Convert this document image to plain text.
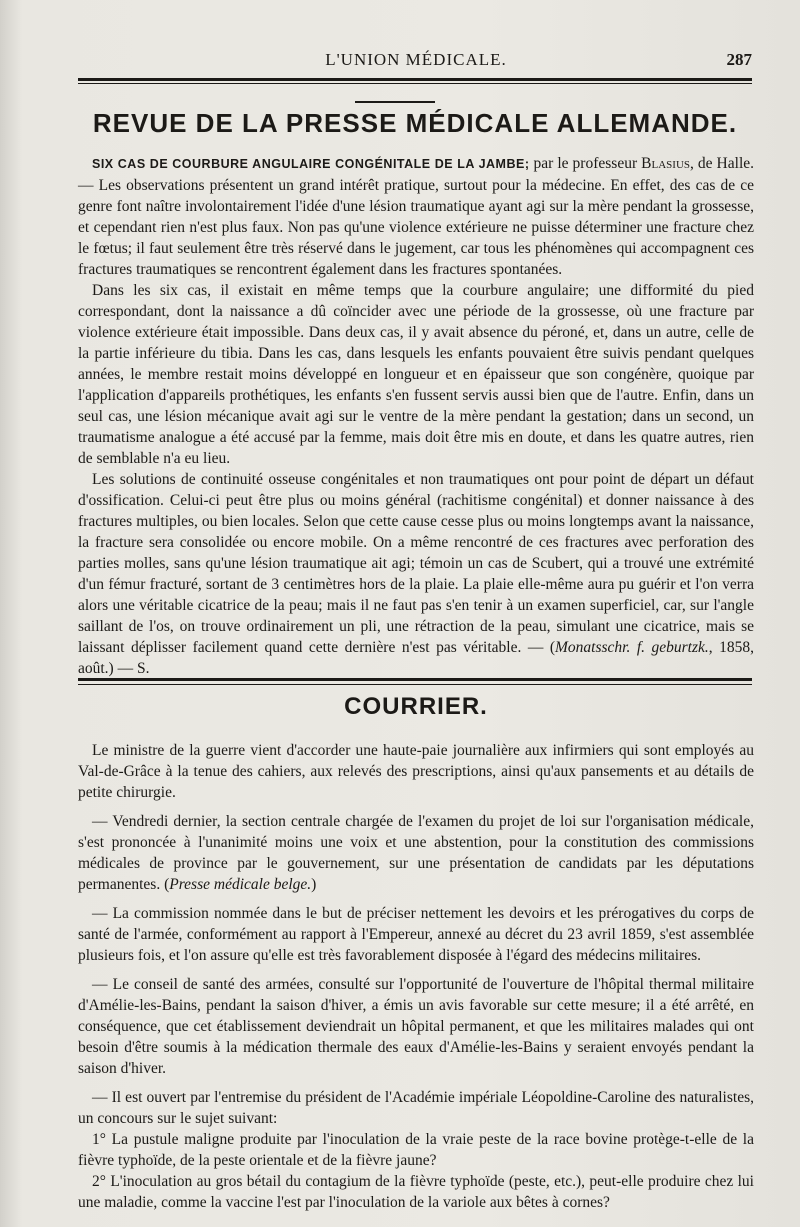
L'UNION MÉDICALE.	287
REVUE DE LA PRESSE MÉDICALE ALLEMANDE.

SIX CAS DE COURBURE ANGULAIRE CONGÉNITALE DE LA JAMBE; par le professeur Blasius, de Halle. — Les observations présentent un grand intérêt pratique, surtout pour la médecine. En effet, des cas de ce genre font naître involontairement l'idée d'une lésion traumatique ayant agi sur la mère pendant la grossesse, et cependant rien n'est plus faux. Non pas qu'une violence extérieure ne puisse déterminer une fracture chez le fœtus; il faut seulement être très réservé dans le jugement, car tous les phénomènes qui accompagnent ces fractures traumatiques se rencontrent également dans les fractures spontanées.

Dans les six cas, il existait en même temps que la courbure angulaire; une difformité du pied correspondant, dont la naissance a dû coïncider avec une période de la grossesse, où une fracture par violence extérieure était impossible. Dans deux cas, il y avait absence du péroné, et, dans un autre, celle de la partie inférieure du tibia. Dans les cas, dans lesquels les enfants pouvaient être suivis pendant quelques années, le membre restait moins développé en longueur et en épaisseur que son congénère, quoique par l'application d'appareils prothétiques, les enfants s'en fussent servis aussi bien que de l'autre. Enfin, dans un seul cas, une lésion mécanique avait agi sur le ventre de la mère pendant la gestation; dans un second, un traumatisme analogue a été accusé par la femme, mais doit être mis en doute, et dans les quatre autres, rien de semblable n'a eu lieu.

Les solutions de continuité osseuse congénitales et non traumatiques ont pour point de départ un défaut d'ossification. Celui-ci peut être plus ou moins général (rachitisme congénital) et donner naissance à des fractures multiples, ou bien locales. Selon que cette cause cesse plus ou moins longtemps avant la naissance, la fracture sera consolidée ou encore mobile. On a même rencontré de ces fractures avec perforation des parties molles, sans qu'une lésion traumatique ait agi; témoin un cas de Scubert, qui a trouvé une extrémité d'un fémur fracturé, sortant de 3 centimètres hors de la plaie. La plaie elle-même aura pu guérir et l'on verra alors une véritable cicatrice de la peau; mais il ne faut pas s'en tenir à un examen superficiel, car, sur l'angle saillant de l'os, on trouve ordinairement un pli, une rétraction de la peau, simulant une cicatrice, mais se laissant déplisser facilement quand cette dernière n'est pas véritable. — (Monatsschr. f. geburtzk., 1858, août.) — S.

COURRIER.

Le ministre de la guerre vient d'accorder une haute-paie journalière aux infirmiers qui sont employés au Val-de-Grâce à la tenue des cahiers, aux relevés des prescriptions, ainsi qu'aux pansements et au détails de petite chirurgie.

— Vendredi dernier, la section centrale chargée de l'examen du projet de loi sur l'organisation médicale, s'est prononcée à l'unanimité moins une voix et une abstention, pour la constitution des commissions médicales de province par le gouvernement, sur une présentation de candidats par les députations permanentes. (Presse médicale belge.)

— La commission nommée dans le but de préciser nettement les devoirs et les prérogatives du corps de santé de l'armée, conformément au rapport à l'Empereur, annexé au décret du 23 avril 1859, s'est assemblée plusieurs fois, et l'on assure qu'elle est très favorablement disposée à l'égard des médecins militaires.

— Le conseil de santé des armées, consulté sur l'opportunité de l'ouverture de l'hôpital thermal militaire d'Amélie-les-Bains, pendant la saison d'hiver, a émis un avis favorable sur cette mesure; il a été arrêté, en conséquence, que cet établissement deviendrait un hôpital permanent, et que les militaires malades qui ont besoin d'être soumis à la médication thermale des eaux d'Amélie-les-Bains y seraient envoyés pendant la saison d'hiver.

— Il est ouvert par l'entremise du président de l'Académie impériale Léopoldine-Caroline des naturalistes, un concours sur le sujet suivant:

1° La pustule maligne produite par l'inoculation de la vraie peste de la race bovine protège-t-elle de la fièvre typhoïde, de la peste orientale et de la fièvre jaune?

2° L'inoculation au gros bétail du contagium de la fièvre typhoïde (peste, etc.), peut-elle produire chez lui une maladie, comme la vaccine l'est par l'inoculation de la variole aux bêtes à cornes?
